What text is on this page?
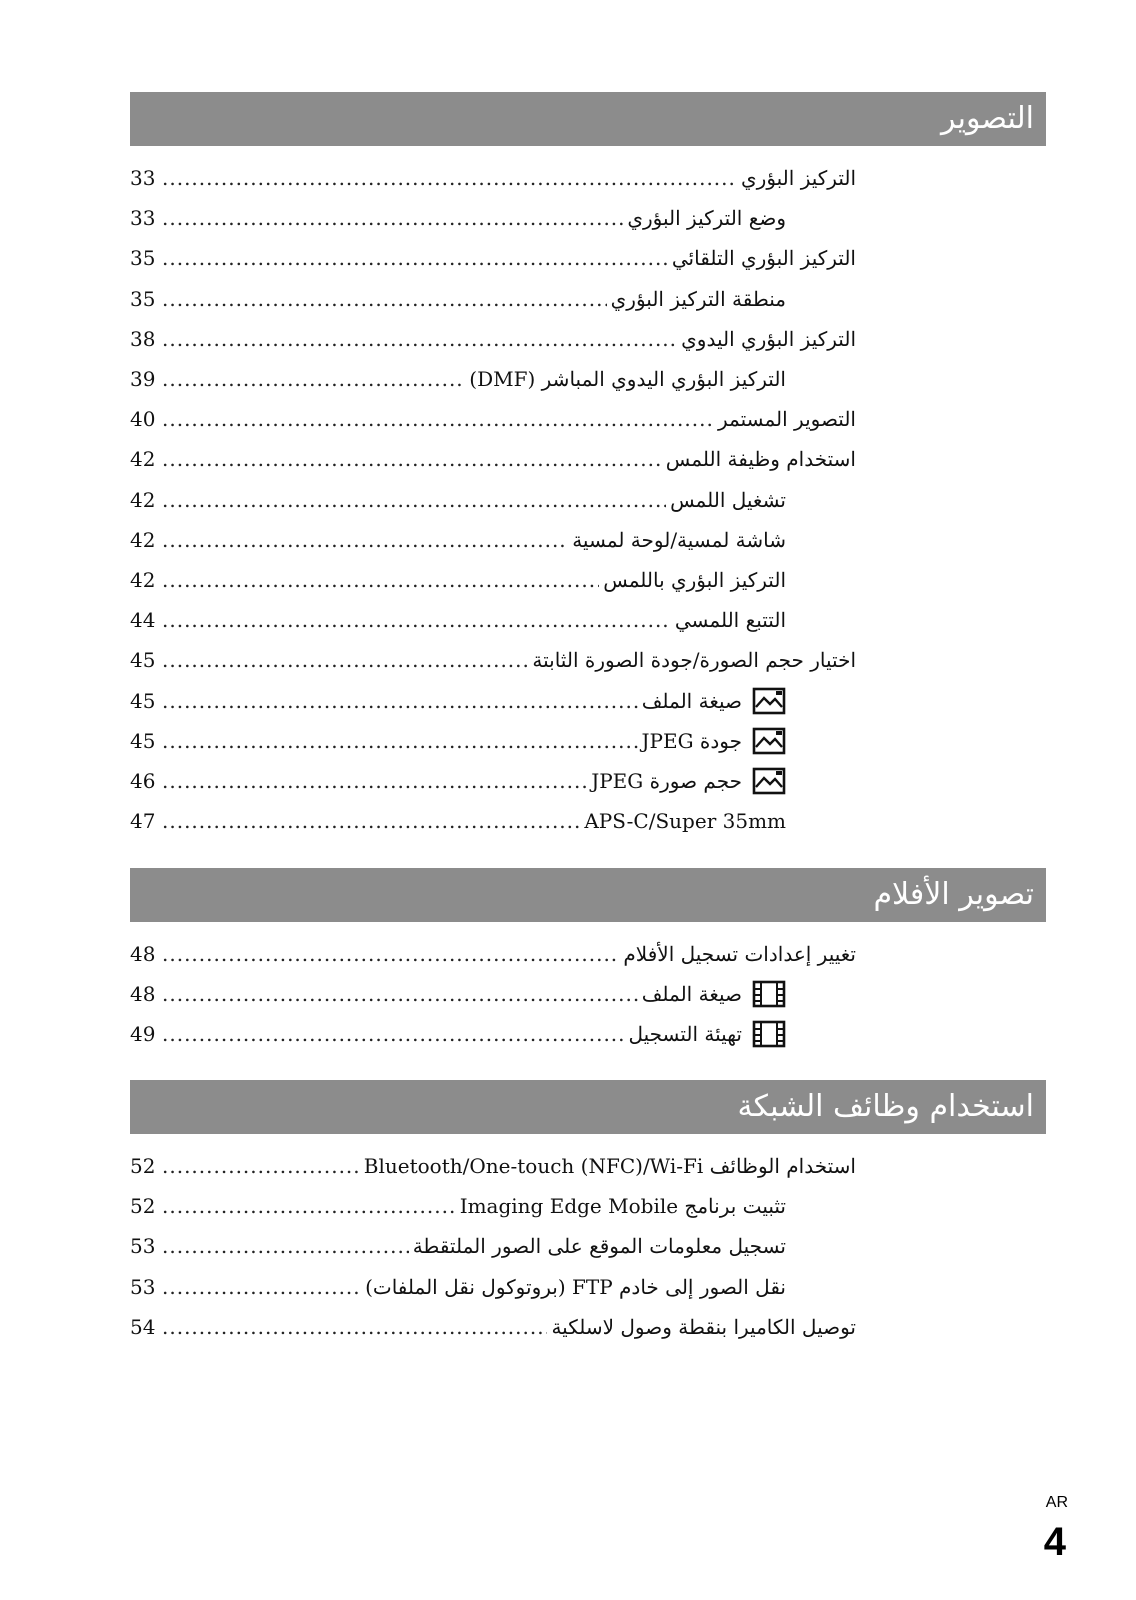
التصوير
33 .....	التركيز البؤري
33 .....	وضع التركيز البؤري
35 .....	التركيز البؤري التلقائي
35 .....	منطقة التركيز البؤري
38 .....	التركيز البؤري اليدوي
39 .....	التركيز البؤري اليدوي المباشر (DMF)
40 .....	التصوير المستمر
42 .....	استخدام وظيفة اللمس
42 .....	تشغيل اللمس
42 .....	شاشة لمسية/لوحة لمسية
42 .....	التركيز البؤري باللمس
44 .....	التتبع اللمسي
45 .....	اختيار حجم الصورة/جودة الصورة الثابتة
45 .....	صيغة الملف
45 .....	جودة JPEG
46 .....	حجم صورة JPEG
47 .....	APS-C/Super 35mm
تصوير الأفلام
48 .....	تغيير إعدادات تسجيل الأفلام
48 .....	صيغة الملف
49 .....	تهيئة التسجيل
استخدام وظائف الشبكة
52 .....	استخدام الوظائف Bluetooth/One-touch (NFC)/Wi-Fi
52 .....	تثبيت برنامج Imaging Edge Mobile
53 .....	تسجيل معلومات الموقع على الصور الملتقطة
53 .....	نقل الصور إلى خادم FTP (بروتوكول نقل الملفات)
54 .....	توصيل الكاميرا بنقطة وصول لاسلكية
AR
4
